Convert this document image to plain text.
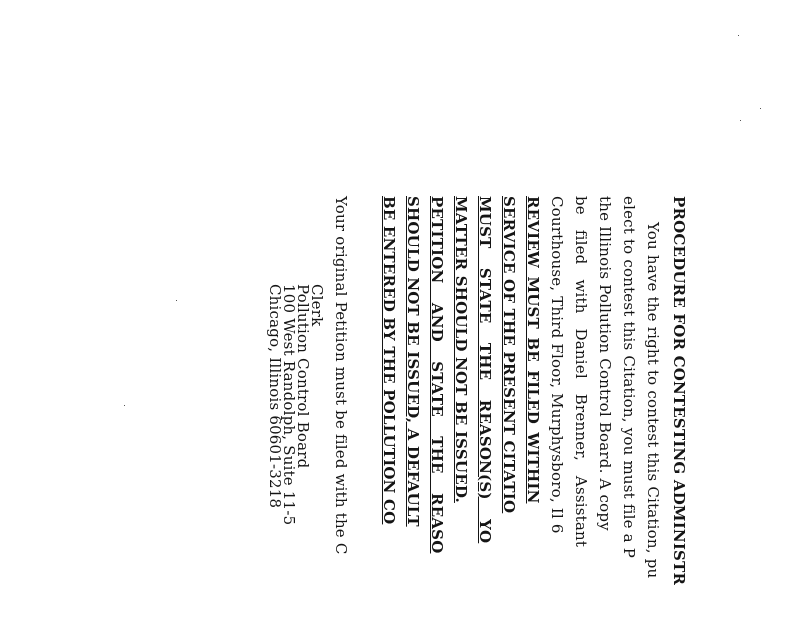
PROCEDURE FOR CONTESTING ADMINISTR
You have the right to contest this Citation, pu
elect to contest this Citation, you must file a P
the Illinois Pollution Control Board. A copy
be filed with Daniel Brenner, Assistant
Courthouse, Third Floor, Murphysboro, Il 6
REVIEW MUST BE FILED WITHIN
SERVICE OF THE PRESENT CITATIO
MUST STATE THE REASON(S) YO
MATTER SHOULD NOT BE ISSUED.
PETITION AND STATE THE REASO
SHOULD NOT BE ISSUED, A DEFAULT
BE ENTERED BY THE POLLUTION CO
Your original Petition must be filed with the C
Clerk
Pollution Control Board
100 West Randolph, Suite 11-5
Chicago, Illinois 60601-3218
